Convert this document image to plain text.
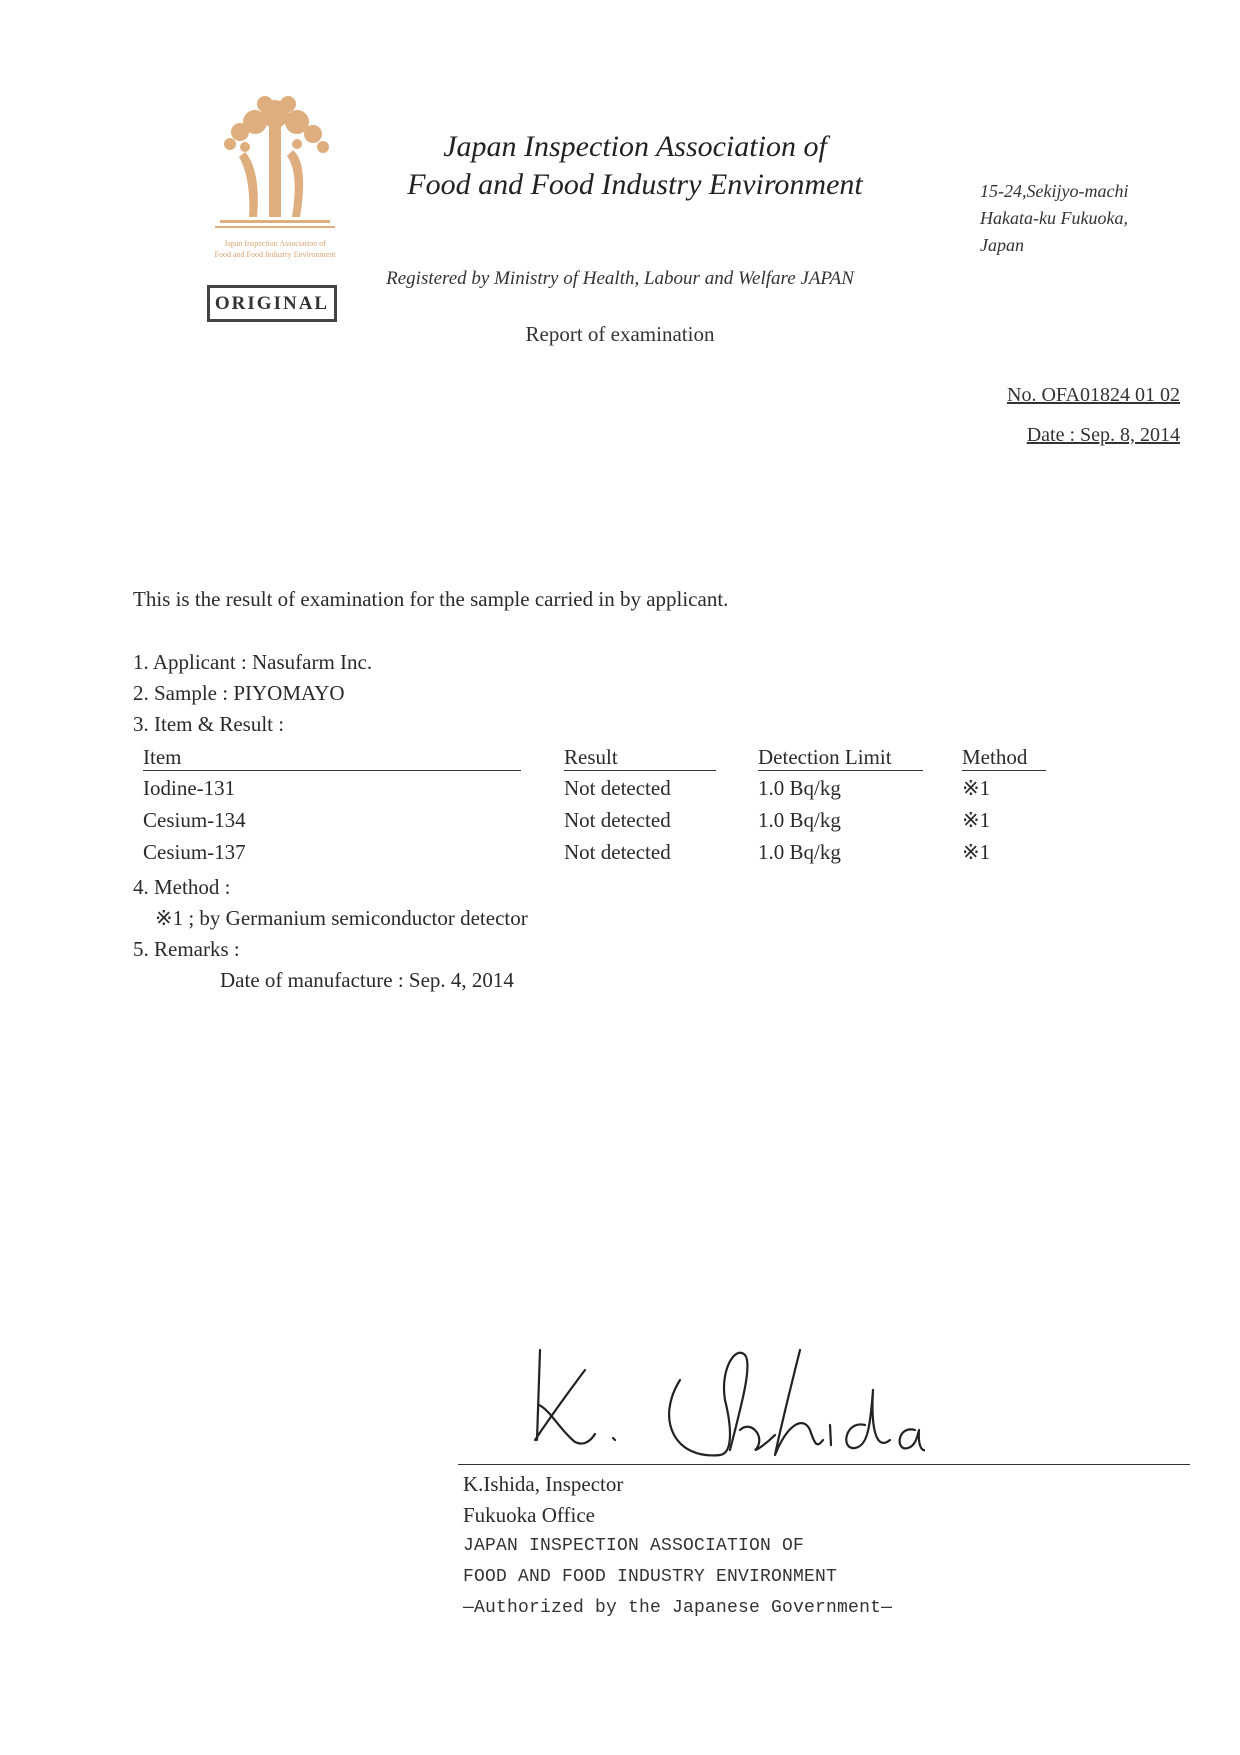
Japan Inspection Association of
Food and Food Industry Environment
ORIGINAL
Japan Inspection Association of
Food and Food Industry Environment
Registered by Ministry of Health, Labour and Welfare JAPAN
Report of examination
15-24,Sekijyo-machi
Hakata-ku Fukuoka,
Japan
No. OFA01824 01 02
Date : Sep. 8, 2014
This is the result of examination for the sample carried in by applicant.
1. Applicant : Nasufarm Inc.
2. Sample : PIYOMAYO
3. Item & Result :
Item	Result	Detection Limit	Method
Iodine-131	Not detected	1.0 Bq/kg	※1
Cesium-134	Not detected	1.0 Bq/kg	※1
Cesium-137	Not detected	1.0 Bq/kg	※1
4. Method :
※1 ; by Germanium semiconductor detector
5. Remarks :
Date of manufacture : Sep. 4, 2014
K.Ishida, Inspector
Fukuoka Office
JAPAN INSPECTION ASSOCIATION OF
FOOD AND FOOD INDUSTRY ENVIRONMENT
—Authorized by the Japanese Government—
